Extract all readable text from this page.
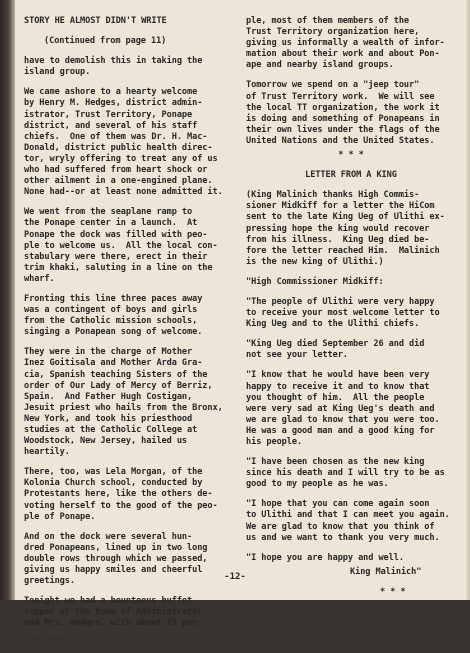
STORY HE ALMOST DIDN'T WRITE

(Continued from page 11)

have to demolish this in taking the
island group.

We came ashore to a hearty welcome
by Henry M. Hedges, district admin-
istrator, Trust Territory, Ponape
district, and several of his staff
chiefs.  One of them was Dr. H. Mac-
Donald, district public health direc-
tor, wryly offering to treat any of us
who had suffered from heart shock or
other ailment in a one-engined plane.
None had--or at least none admitted it.

We went from the seaplane ramp to
the Ponape center in a launch.  At
Ponape the dock was filled with peo-
ple to welcome us.  All the local con-
stabulary were there, erect in their
trim khaki, saluting in a line on the
wharf.

Fronting this line three paces away
was a contingent of boys and girls
from the Catholic mission schools,
singing a Ponapean song of welcome.

They were in the charge of Mother
Inez Goitisala and Mother Arda Gra-
cia, Spanish teaching Sisters of the
order of Our Lady of Mercy of Berriz,
Spain.  And Father Hugh Costigan,
Jesuit priest who hails from the Bronx,
New York, and took his priesthood
studies at the Catholic College at
Woodstock, New Jersey, hailed us
heartily.

There, too, was Lela Morgan, of the
Kolonia Church school, conducted by
Protestants here, like the others de-
voting herself to the good of the peo-
ple of Ponape.

And on the dock were several hun-
dred Ponapeans, lined up in two long
double rows through which we passed,
giving us happy smiles and cheerful
greetings.

Tonight we had a bounteous buffet
supper at the home of Administrator
and Mrs. Hedges, with about 75 peo-

ple, most

ple, most of them members of the
Trust Territory organization here,
giving us informally a wealth of infor-
mation about their work and about Pon-
ape and nearby island groups.

Tomorrow we spend on a "jeep tour"
of Trust Territory work.  We will see
the local TT organization, the work it
is doing and something of Ponapeans in
their own lives under the flags of the
United Nations and the United States.

* * *

LETTER FROM A KING

(King Malinich thanks High Commis-
sioner Midkiff for a letter the HiCom
sent to the late King Ueg of Ulithi ex-
pressing hope the king would recover
from his illness.  King Ueg died be-
fore the letter reached Him.  Malinich
is the new king of Ulithi.)

"High Commissioner Midkiff:

"The people of Ulithi were very happy
to receive your most welcome letter to
King Ueg and to the Ulithi chiefs.

"King Ueg died September 26 and did
not see your letter.

"I know that he would have been very
happy to receive it and to know that
you thought of him.  All the people
were very sad at King Ueg's death and
we are glad to know that you were too.
He was a good man and a good king for
his people.

"I have been chosen as the new king
since his death and I will try to be as
good to my people as he was.

"I hope that you can come again soon
to Ulithi and that I can meet you again.
We are glad to know that you think of
us and we want to thank you very much.

"I hope you are happy and well.

King Malinich"

* * *

-12-
